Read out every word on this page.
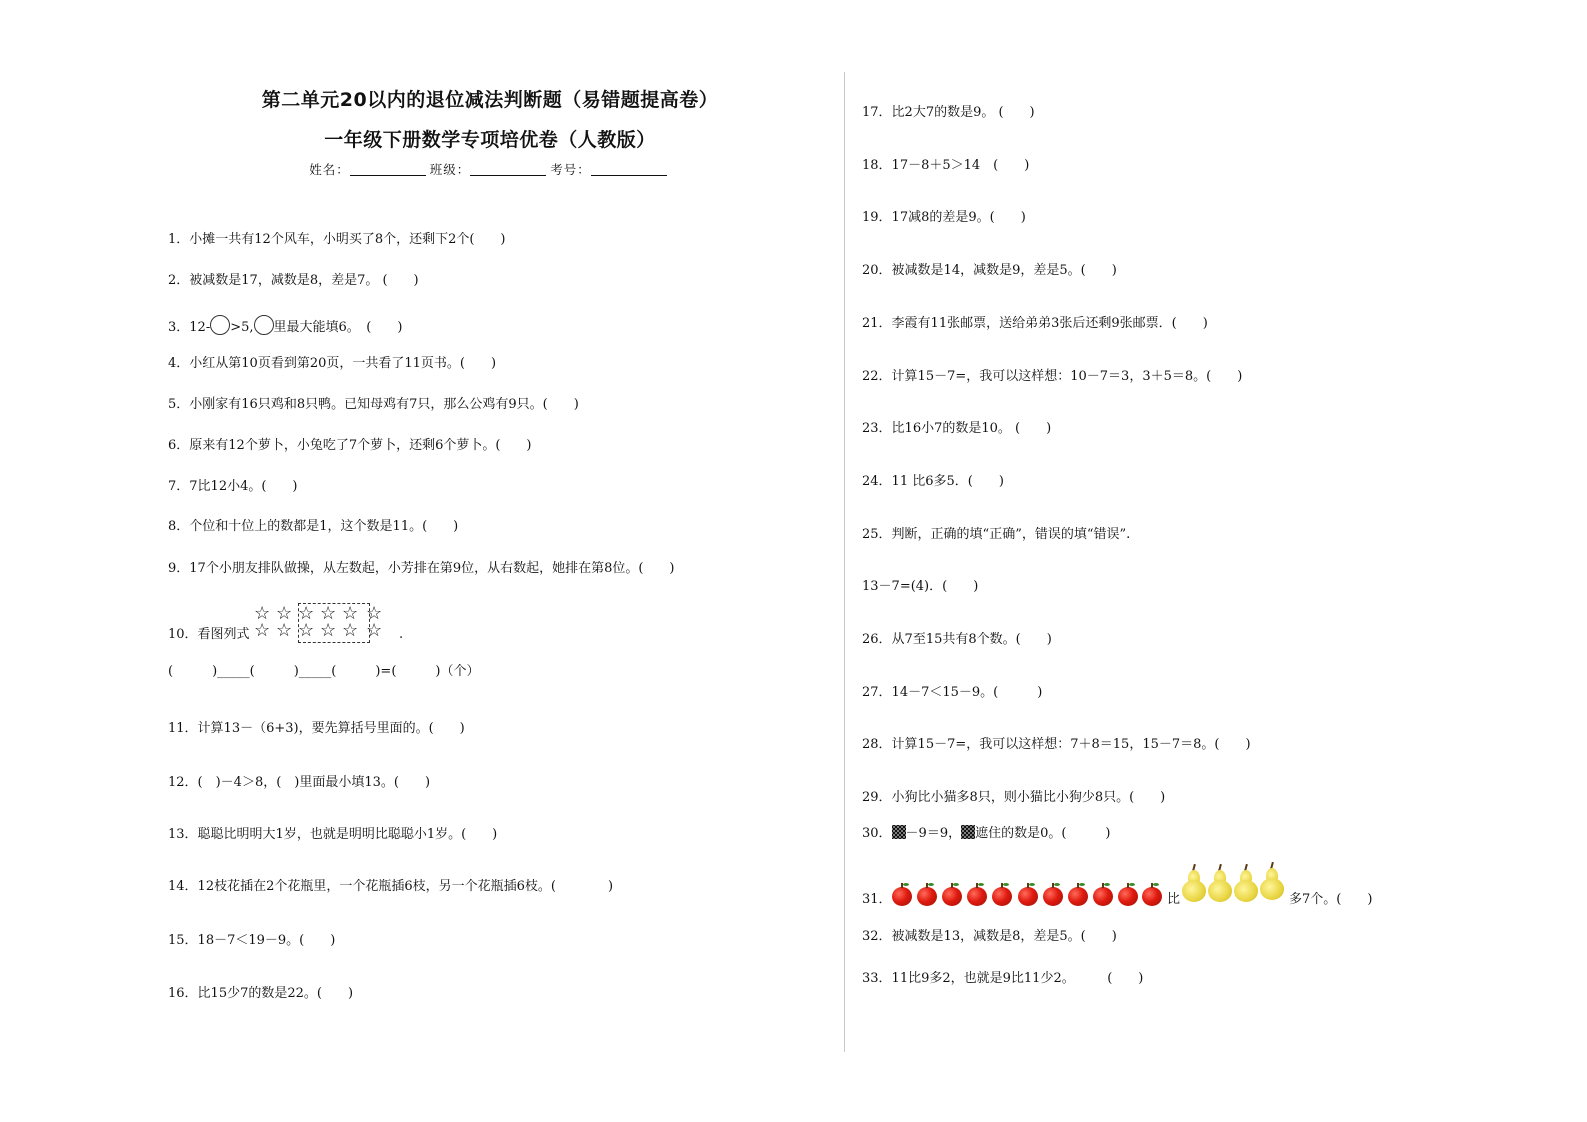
第二单元20以内的退位减法判断题（易错题提高卷）
一年级下册数学专项培优卷（人教版）
姓名：	班级：	考号：
1．小摊一共有12个风车，小明买了8个，还剩下2个(　　)
2．被减数是17，减数是8，差是7。 (　　)
3．12- >5, 里最大能填6。　(　　)
4．小红从第10页看到第20页，一共看了11页书。(　　)
5．小刚家有16只鸡和8只鸭。已知母鸡有7只，那么公鸡有9只。(　　)
6．原来有12个萝卜，小兔吃了7个萝卜，还剩6个萝卜。(　　)
7．7比12小4。(　　)
8．个位和十位上的数都是1，这个数是11。(　　)
9．17个小朋友排队做操，从左数起，小芳排在第9位，从右数起，她排在第8位。(　　)
☆ ☆ ☆ ☆ ☆ ☆
☆ ☆ ☆ ☆ ☆ ☆
10．看图列式	.
(　　　)_____(　　　)_____(　　　)=(　　　)（个）
11．计算13－（6+3)，要先算括号里面的。(　　)
12．(　)－4＞8，(　)里面最小填13。(　　)
13．聪聪比明明大1岁，也就是明明比聪聪小1岁。(　　)
14．12枝花插在2个花瓶里，一个花瓶插6枝，另一个花瓶插6枝。(　　　　)
15．18－7＜19－9。(　　)
16．比15少7的数是22。(　　)
17．比2大7的数是9。 (　　)
18．17－8＋5＞14　(　　)
19．17减8的差是9。(　　)
20．被减数是14，减数是9，差是5。(　　)
21．李霞有11张邮票，送给弟弟3张后还剩9张邮票．(　　)
22．计算15－7=，我可以这样想：10－7＝3，3＋5＝8。(　　)
23．比16小7的数是10。 (　　)
24．11 比6多5．(　　)
25．判断，正确的填“正确”，错误的填“错误”.
13－7=(4)．(　　)
26．从7至15共有8个数。(　　)
27．14－7＜15－9。(　　　)
28．计算15－7=，我可以这样想：7＋8＝15，15－7＝8。(　　)
29．小狗比小猫多8只，则小猫比小狗少8只。(　　)
30． －9＝9， 遮住的数是0。(　　　)
31．	比	多7个。(　　)
32．被减数是13，减数是8，差是5。(　　)
33．11比9多2，也就是9比11少2。　　　(　　)
